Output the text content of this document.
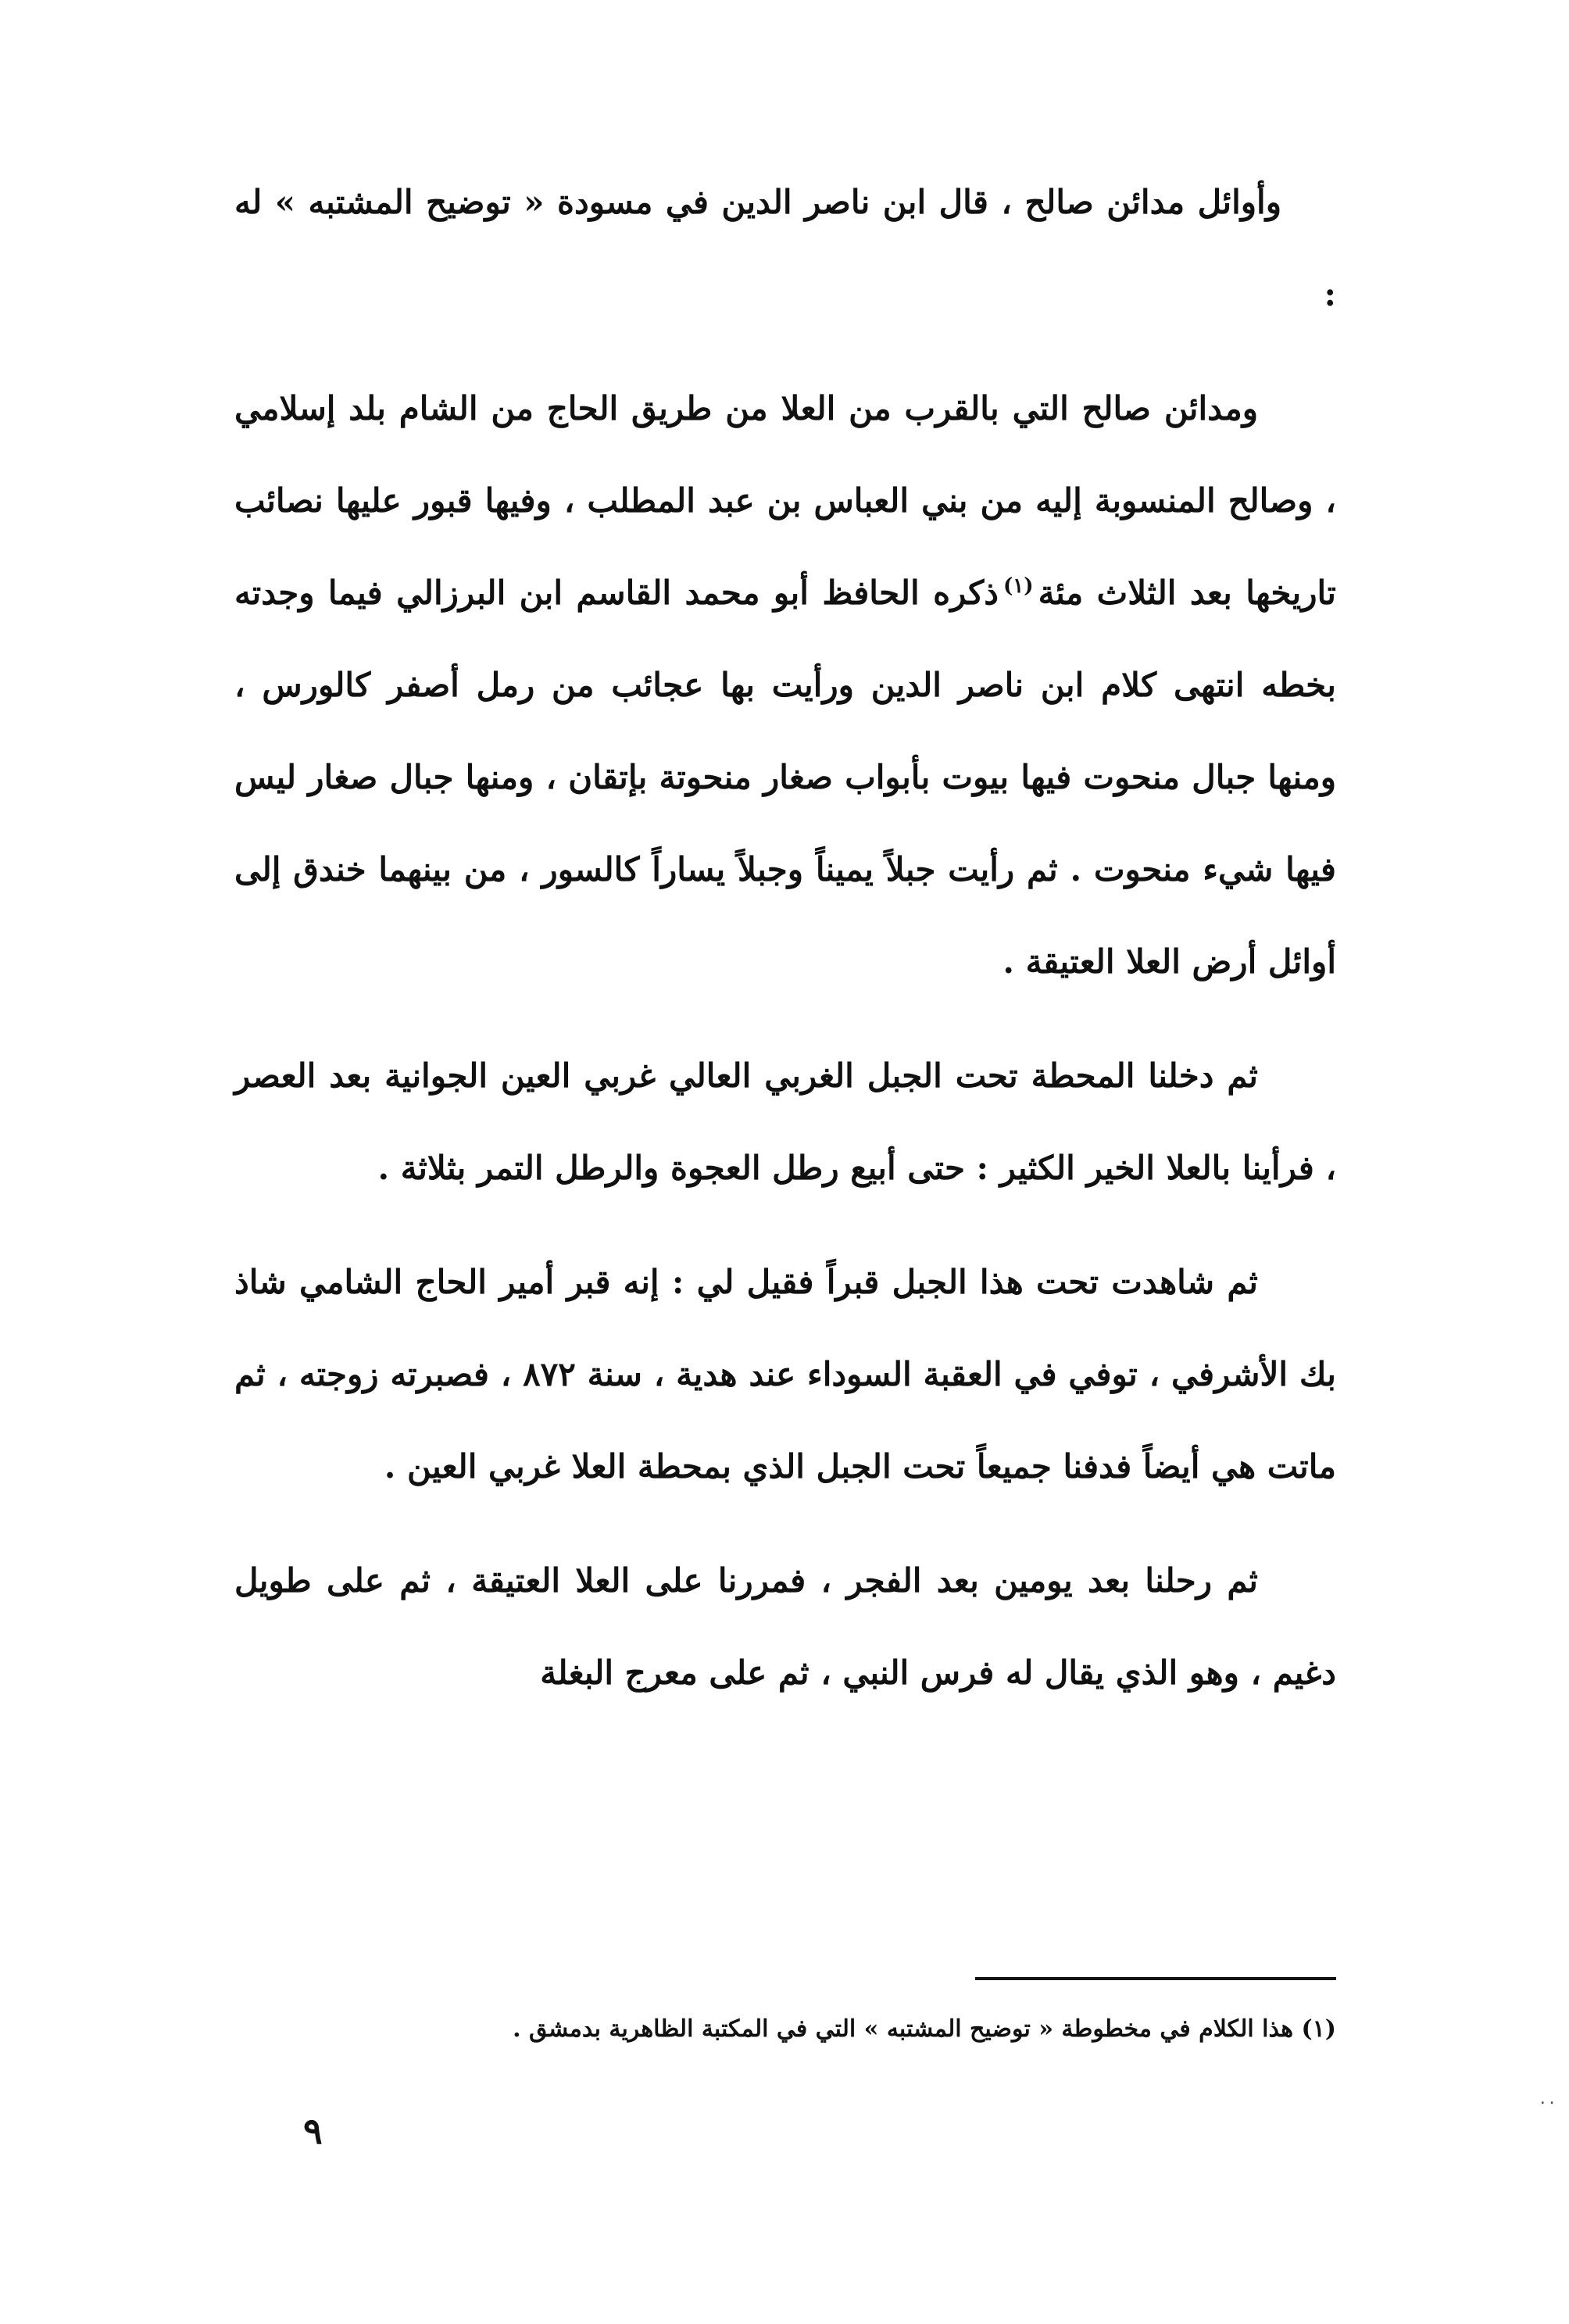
وأوائل مدائن صالح ، قال ابن ناصر الدين في مسودة « توضيح المشتبه » له :

ومدائن صالح التي بالقرب من العلا من طريق الحاج من الشام بلد إسلامي ، وصالح المنسوبة إليه من بني العباس بن عبد المطلب ، وفيها قبور عليها نصائب تاريخها بعد الثلاث مئة$^{(١)}$ذكره الحافظ أبو محمد القاسم ابن البرزالي فيما وجدته بخطه انتهى كلام ابن ناصر الدين ورأيت بها عجائب من رمل أصفر كالورس ، ومنها جبال منحوت فيها بيوت بأبواب صغار منحوتة بإتقان ، ومنها جبال صغار ليس فيها شيء منحوت . ثم رأيت جبلاً يميناً وجبلاً يساراً كالسور ، من بينهما خندق إلى أوائل أرض العلا العتيقة .

ثم دخلنا المحطة تحت الجبل الغربي العالي غربي العين الجوانية بعد العصر ، فرأينا بالعلا الخير الكثير : حتى أبيع رطل العجوة والرطل التمر بثلاثة .

ثم شاهدت تحت هذا الجبل قبراً فقيل لي : إنه قبر أمير الحاج الشامي شاذ بك الأشرفي ، توفي في العقبة السوداء عند هدية ، سنة ٨٧٢ ، فصبرته زوجته ، ثم ماتت هي أيضاً فدفنا جميعاً تحت الجبل الذي بمحطة العلا غربي العين .

ثم رحلنا بعد يومين بعد الفجر ، فمررنا على العلا العتيقة ، ثم على طويل دغيم ، وهو الذي يقال له فرس النبي ، ثم على معرج البغلة

(١) هذا الكلام في مخطوطة « توضيح المشتبه » التي في المكتبة الظاهرية بدمشق .
٩
٠٠
